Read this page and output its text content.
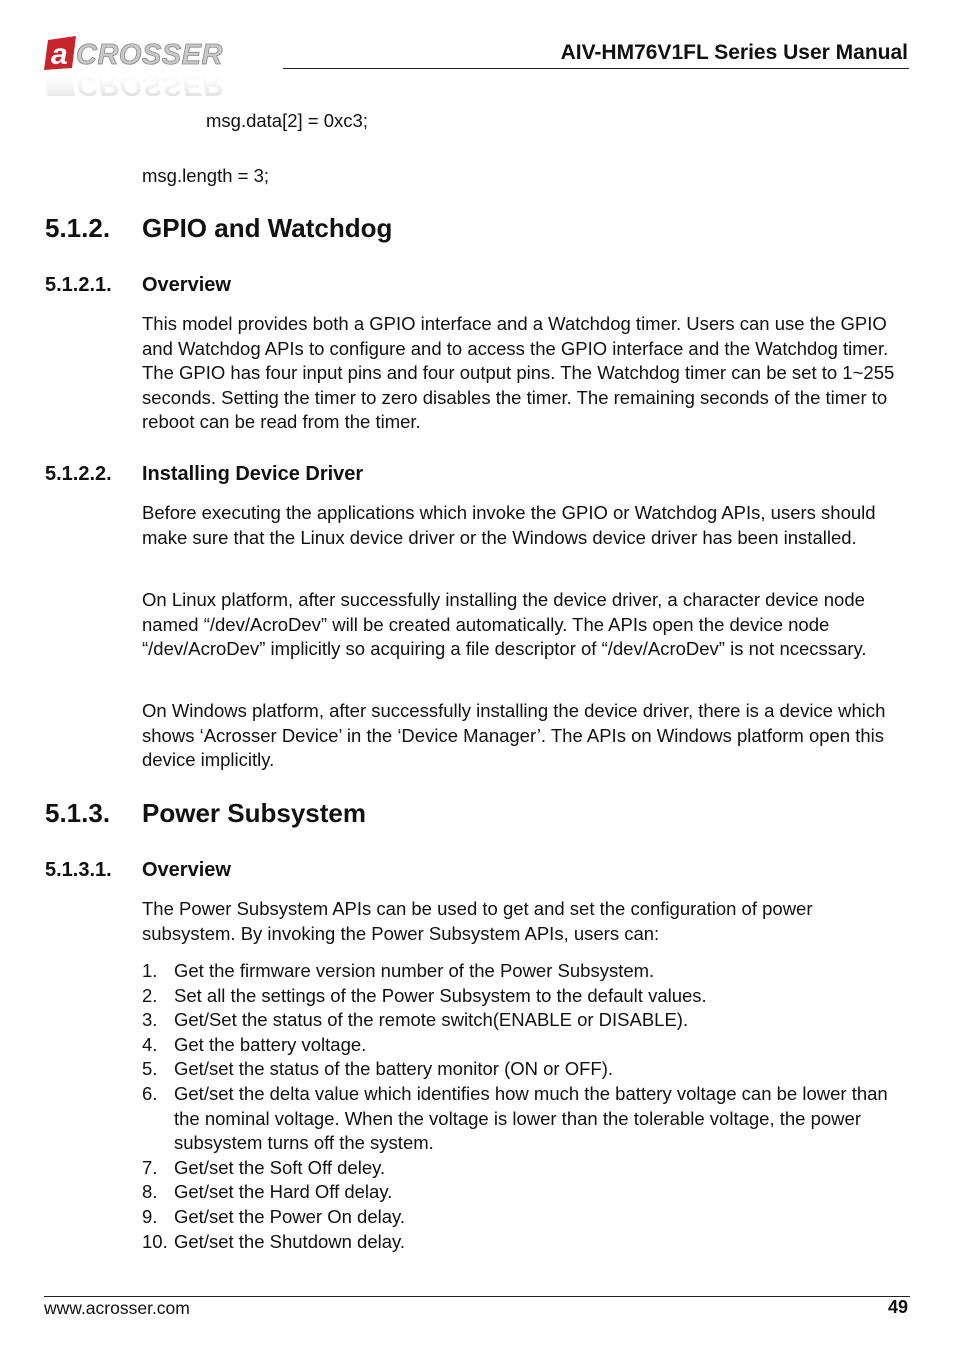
a CROSSER
CROSSER
AIV-HM76V1FL Series User Manual
msg.data[2] = 0xc3;
msg.length = 3;
5.1.2. GPIO and Watchdog
5.1.2.1. Overview
This model provides both a GPIO interface and a Watchdog timer. Users can use the GPIO and Watchdog APIs to configure and to access the GPIO interface and the Watchdog timer. The GPIO has four input pins and four output pins. The Watchdog timer can be set to 1~255 seconds. Setting the timer to zero disables the timer. The remaining seconds of the timer to reboot can be read from the timer.
5.1.2.2. Installing Device Driver
Before executing the applications which invoke the GPIO or Watchdog APIs, users should make sure that the Linux device driver or the Windows device driver has been installed.
On Linux platform, after successfully installing the device driver, a character device node named “/dev/AcroDev” will be created automatically. The APIs open the device node “/dev/AcroDev” implicitly so acquiring a file descriptor of “/dev/AcroDev” is not ncecssary.
On Windows platform, after successfully installing the device driver, there is a device which shows ‘Acrosser Device’ in the ‘Device Manager’. The APIs on Windows platform open this device implicitly.
5.1.3. Power Subsystem
5.1.3.1. Overview
The Power Subsystem APIs can be used to get and set the configuration of power subsystem. By invoking the Power Subsystem APIs, users can:
1. Get the firmware version number of the Power Subsystem.
2. Set all the settings of the Power Subsystem to the default values.
3. Get/Set the status of the remote switch(ENABLE or DISABLE).
4. Get the battery voltage.
5. Get/set the status of the battery monitor (ON or OFF).
6. Get/set the delta value which identifies how much the battery voltage can be lower than the nominal voltage. When the voltage is lower than the tolerable voltage, the power subsystem turns off the system.
7. Get/set the Soft Off deley.
8. Get/set the Hard Off delay.
9. Get/set the Power On delay.
10. Get/set the Shutdown delay.
www.acrosser.com	49
